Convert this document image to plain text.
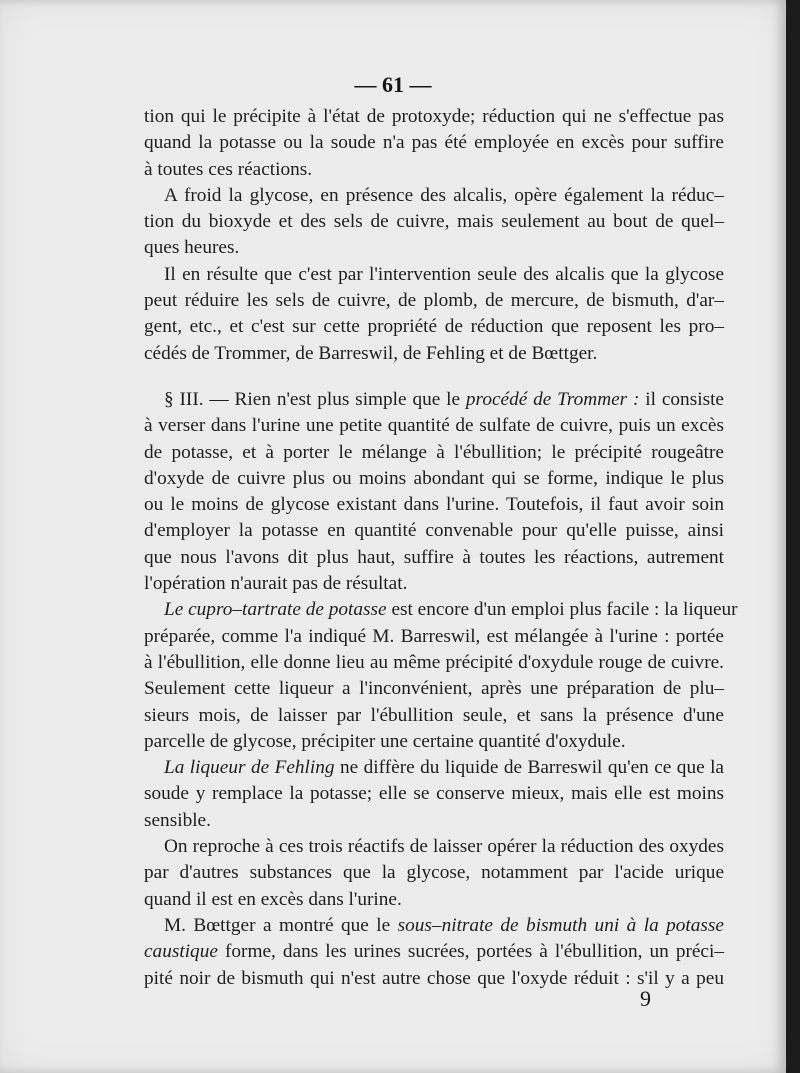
— 61 —
tion qui le précipite à l'état de protoxyde; réduction qui ne s'effectue pas
quand la potasse ou la soude n'a pas été employée en excès pour suffire
à toutes ces réactions.
A froid la glycose, en présence des alcalis, opère également la réduc–
tion du bioxyde et des sels de cuivre, mais seulement au bout de quel–
ques heures.
Il en résulte que c'est par l'intervention seule des alcalis que la glycose
peut réduire les sels de cuivre, de plomb, de mercure, de bismuth, d'ar–
gent, etc., et c'est sur cette propriété de réduction que reposent les pro–
cédés de Trommer, de Barreswil, de Fehling et de Bœttger.
§ III. — Rien n'est plus simple que le procédé de Trommer : il consiste
à verser dans l'urine une petite quantité de sulfate de cuivre, puis un excès
de potasse, et à porter le mélange à l'ébullition; le précipité rougeâtre
d'oxyde de cuivre plus ou moins abondant qui se forme, indique le plus
ou le moins de glycose existant dans l'urine. Toutefois, il faut avoir soin
d'employer la potasse en quantité convenable pour qu'elle puisse, ainsi
que nous l'avons dit plus haut, suffire à toutes les réactions, autrement
l'opération n'aurait pas de résultat.
Le cupro–tartrate de potasse est encore d'un emploi plus facile : la liqueur
préparée, comme l'a indiqué M. Barreswil, est mélangée à l'urine : portée
à l'ébullition, elle donne lieu au même précipité d'oxydule rouge de cuivre.
Seulement cette liqueur a l'inconvénient, après une préparation de plu–
sieurs mois, de laisser par l'ébullition seule, et sans la présence d'une
parcelle de glycose, précipiter une certaine quantité d'oxydule.
La liqueur de Fehling ne diffère du liquide de Barreswil qu'en ce que la
soude y remplace la potasse; elle se conserve mieux, mais elle est moins
sensible.
On reproche à ces trois réactifs de laisser opérer la réduction des oxydes
par d'autres substances que la glycose, notamment par l'acide urique
quand il est en excès dans l'urine.
M. Bœttger a montré que le sous–nitrate de bismuth uni à la potasse
caustique forme, dans les urines sucrées, portées à l'ébullition, un préci–
pité noir de bismuth qui n'est autre chose que l'oxyde réduit : s'il y a peu
9
